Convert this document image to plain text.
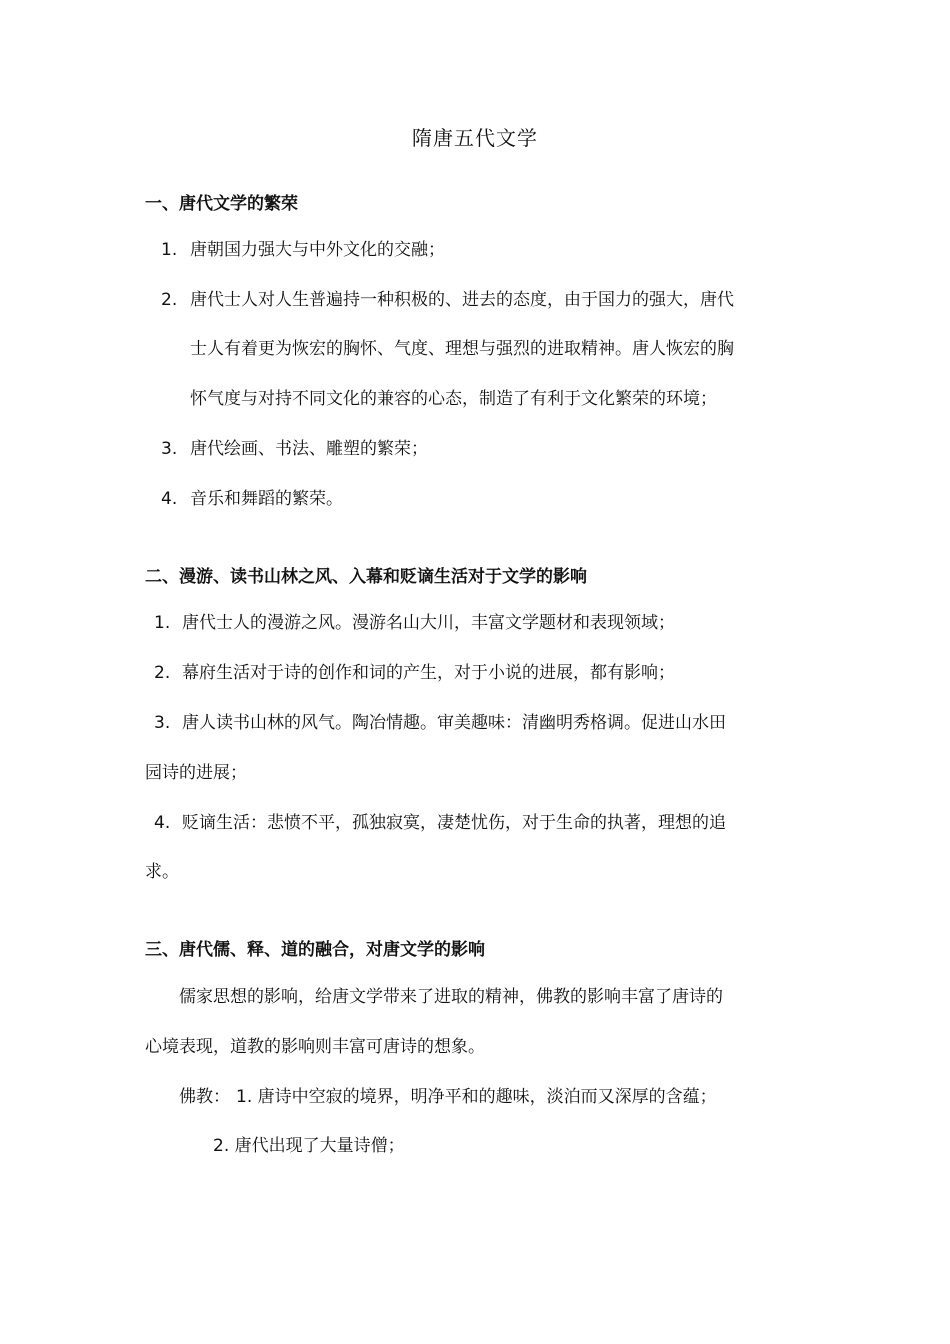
隋唐五代文学
一、唐代文学的繁荣
1. 唐朝国力强大与中外文化的交融；
2. 唐代士人对人生普遍持一种积极的、进去的态度，由于国力的强大，唐代
士人有着更为恢宏的胸怀、气度、理想与强烈的进取精神。唐人恢宏的胸
怀气度与对持不同文化的兼容的心态，制造了有利于文化繁荣的环境；
3. 唐代绘画、书法、雕塑的繁荣；
4. 音乐和舞蹈的繁荣。
二、漫游、读书山林之风、入幕和贬谪生活对于文学的影响
1. 唐代士人的漫游之风。漫游名山大川，丰富文学题材和表现领域；
2. 幕府生活对于诗的创作和词的产生，对于小说的进展，都有影响；
3. 唐人读书山林的风气。陶冶情趣。审美趣味：清幽明秀格调。促进山水田
园诗的进展；
4. 贬谪生活：悲愤不平，孤独寂寞，凄楚忧伤，对于生命的执著，理想的追
求。
三、唐代儒、释、道的融合，对唐文学的影响
儒家思想的影响，给唐文学带来了进取的精神，佛教的影响丰富了唐诗的
心境表现，道教的影响则丰富可唐诗的想象。
佛教： 1. 唐诗中空寂的境界，明净平和的趣味，淡泊而又深厚的含蕴；
2. 唐代出现了大量诗僧；
